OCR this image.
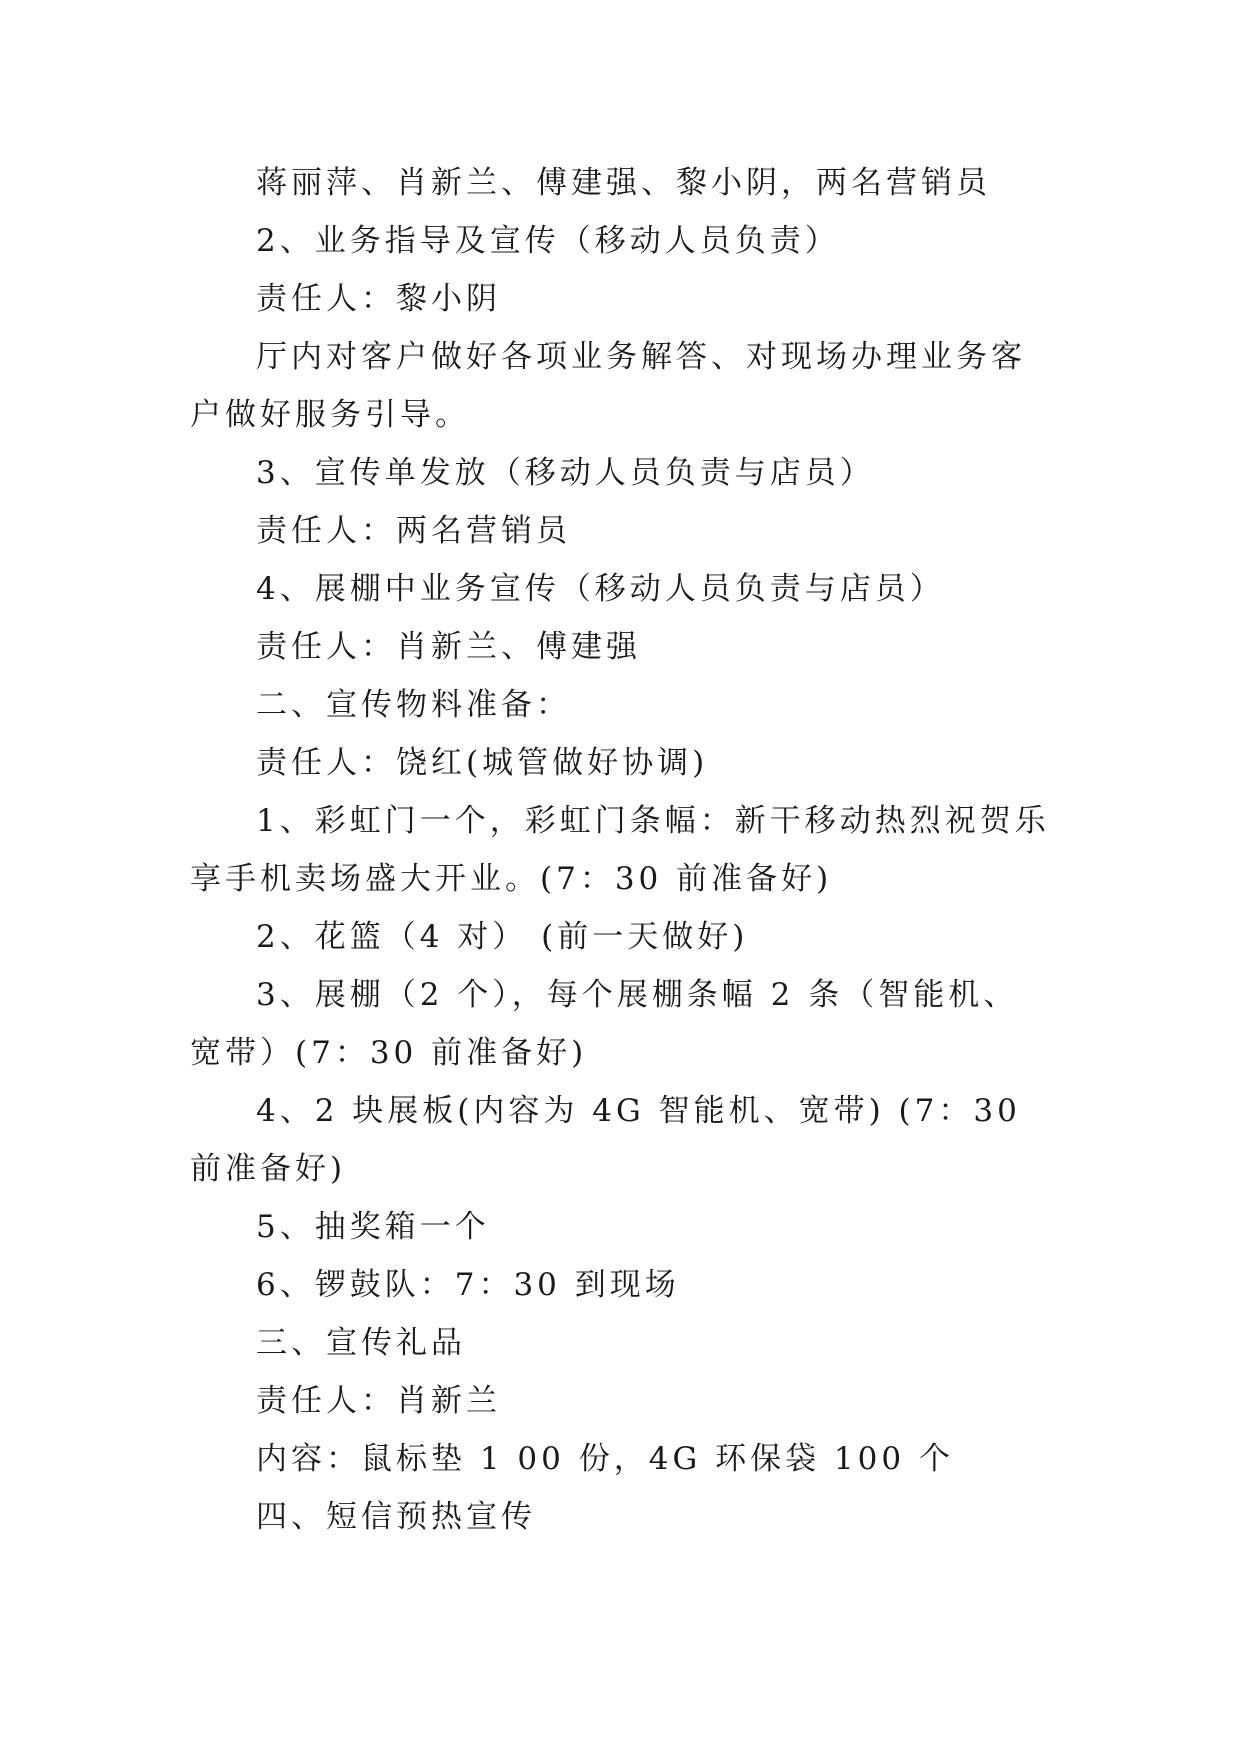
蒋丽萍、肖新兰、傅建强、黎小阴，两名营销员

2、业务指导及宣传（移动人员负责）

责任人：黎小阴

厅内对客户做好各项业务解答、对现场办理业务客户做好服务引导。

3、宣传单发放（移动人员负责与店员）

责任人：两名营销员

4、展棚中业务宣传（移动人员负责与店员）

责任人：肖新兰、傅建强

二、宣传物料准备：

责任人：饶红(城管做好协调)

1、彩虹门一个，彩虹门条幅：新干移动热烈祝贺乐享手机卖场盛大开业。(7：30 前准备好)

2、花篮（4 对） (前一天做好)

3、展棚（2 个），每个展棚条幅 2 条（智能机、宽带）(7：30 前准备好)

4、2 块展板(内容为 4G 智能机、宽带) (7：30 前准备好)

5、抽奖箱一个

6、锣鼓队：7：30 到现场

三、宣传礼品

责任人：肖新兰

内容：鼠标垫 1 00 份，4G 环保袋 100 个

四、短信预热宣传
